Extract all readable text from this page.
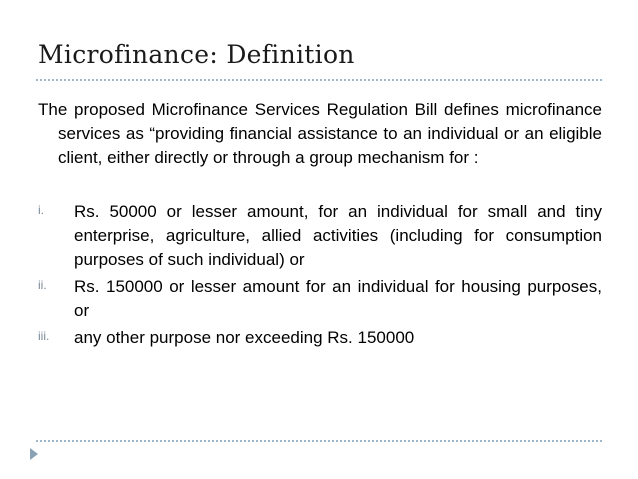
Microfinance: Definition
The proposed Microfinance Services Regulation Bill defines microfinance services as “providing financial assistance to an individual or an eligible client, either directly or through a group mechanism for :
i.	Rs. 50000 or lesser amount, for an individual for small and tiny enterprise, agriculture, allied activities (including for consumption purposes of such individual) or
ii.	Rs. 150000 or lesser amount for an individual for housing purposes, or
iii.	any other purpose nor exceeding Rs. 150000
